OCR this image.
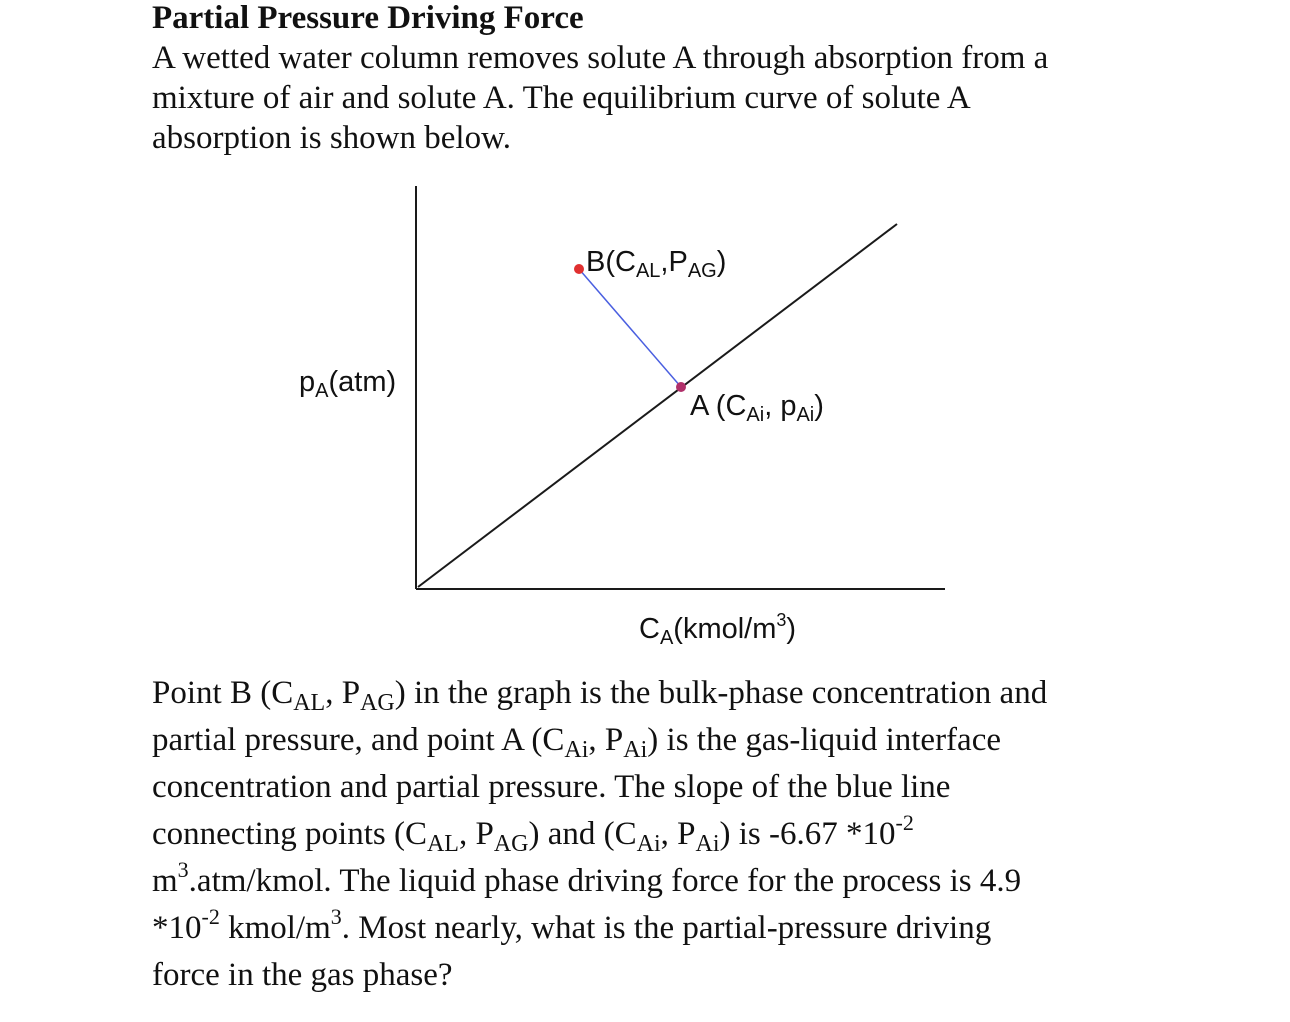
Partial Pressure Driving Force
A wetted water column removes solute A through absorption from a
mixture of air and solute A. The equilibrium curve of solute A
absorption is shown below.
$B(C_{AL},P_{AG})$
A ($C_{Ai}$, $p_{Ai}$)
$p_A(atm)$
$C_A(kmol/m^3)$
Point B ($C_{AL}$, $P_{AG}$) in the graph is the bulk-phase concentration and
partial pressure, and point A ($C_{Ai}$, $P_{Ai}$) is the gas-liquid interface
concentration and partial pressure. The slope of the blue line
connecting points ($C_{AL}$, $P_{AG}$) and ($C_{Ai}$, $P_{Ai}$) is -6.67 $*10^{-2}$
$m^3.atm$/kmol. The liquid phase driving force for the process is 4.9
$*10^{-2}$ kmol/$m^3$. Most nearly, what is the partial-pressure driving
force in the gas phase?
